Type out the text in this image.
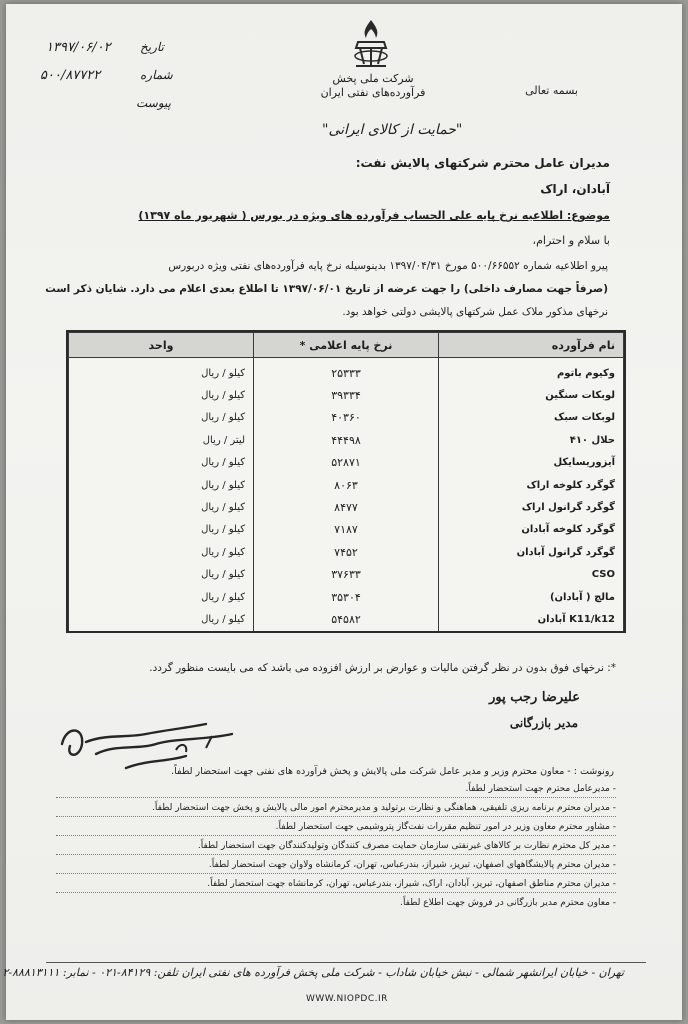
شرکت ملی پخش فرآورده‌های نفتی ایران
"حمایت از کالای ایرانی"
بسمه تعالی
تاریخ
۱۳۹۷/۰۶/۰۲
شماره
۵۰۰/۸۷۷۲۲
پیوست
مدیران عامل محترم شرکتهای پالایش نفت:
آبادان، اراک
موضوع: اطلاعیه نرخ پایه علی الحساب فرآورده های ویژه در بورس ( شهریور ماه ۱۳۹۷)
با سلام و احترام،
پیرو اطلاعیه شماره ۵۰۰/۶۶۵۵۲ مورخ ۱۳۹۷/۰۴/۳۱ بدینوسیله نرخ پایه فرآورده‌های نفتی ویژه دربورس
(صرفاً جهت مصارف داخلی) را جهت عرضه از تاریخ ۱۳۹۷/۰۶/۰۱ تا اطلاع بعدی اعلام می دارد. شایان ذکر است
نرخهای مذکور ملاک عمل شرکتهای پالایشی دولتی خواهد بود.
نام فرآورده	نرخ پایه اعلامی *	واحد
وکیوم باتوم	۲۵۳۳۳	کیلو / ریال
لوبکات سنگین	۳۹۳۳۴	کیلو / ریال
لوبکات سبک	۴۰۳۶۰	کیلو / ریال
حلال ۴۱۰	۴۴۴۹۸	لیتر / ریال
آیزوریسایکل	۵۲۸۷۱	کیلو / ریال
گوگرد کلوخه اراک	۸۰۶۳	کیلو / ریال
گوگرد گرانول اراک	۸۴۷۷	کیلو / ریال
گوگرد کلوخه آبادان	۷۱۸۷	کیلو / ریال
گوگرد گرانول آبادان	۷۴۵۲	کیلو / ریال
CSO	۳۷۶۳۳	کیلو / ریال
مالچ ( آبادان)	۳۵۳۰۴	کیلو / ریال
K11/k12 آبادان	۵۴۵۸۲	کیلو / ریال
*: نرخهای فوق بدون در نظر گرفتن مالیات و عوارض بر ارزش افزوده می باشد که می بایست منظور گردد.
علیرضا رجب پور
مدیر بازرگانی
رونوشت : - معاون محترم وزیر و مدیر عامل شرکت ملی پالایش و پخش فرآورده های نفتی جهت استحضار لطفاً.
- مدیرعامل محترم جهت استحضار لطفاً.
- مدیران محترم برنامه ریزی تلفیقی، هماهنگی و نظارت برتولید و مدیرمحترم امور مالی پالایش و پخش جهت استحضار لطفاً.
- مشاور محترم معاون وزیر در امور تنظیم مقررات نفت‌گاز پتروشیمی جهت استحضار لطفاً.
- مدیر کل محترم نظارت بر کالاهای غیرنفتی سازمان حمایت مصرف کنندگان وتولیدکنندگان جهت استحضار لطفاً.
- مدیران محترم پالایشگاههای اصفهان، تبریز، شیراز، بندرعباس، تهران، کرمانشاه ولاوان جهت استحضار لطفاً.
- مدیران محترم مناطق اصفهان، تبریز، آبادان، اراک، شیراز، بندرعباس، تهران، کرمانشاه جهت استحضار لطفاً.
- معاون محترم مدیر بازرگانی در فروش جهت اطلاع لطفاً.
تهران - خیابان ایرانشهر شمالی - نبش خیابان شاداب - شرکت ملی پخش فرآورده های نفتی ایران تلفن: ۸۴۱۲۹-۰۲۱ - نمابر: ۸۸۸۱۳۱۱۱-۲
WWW.NIOPDC.IR
